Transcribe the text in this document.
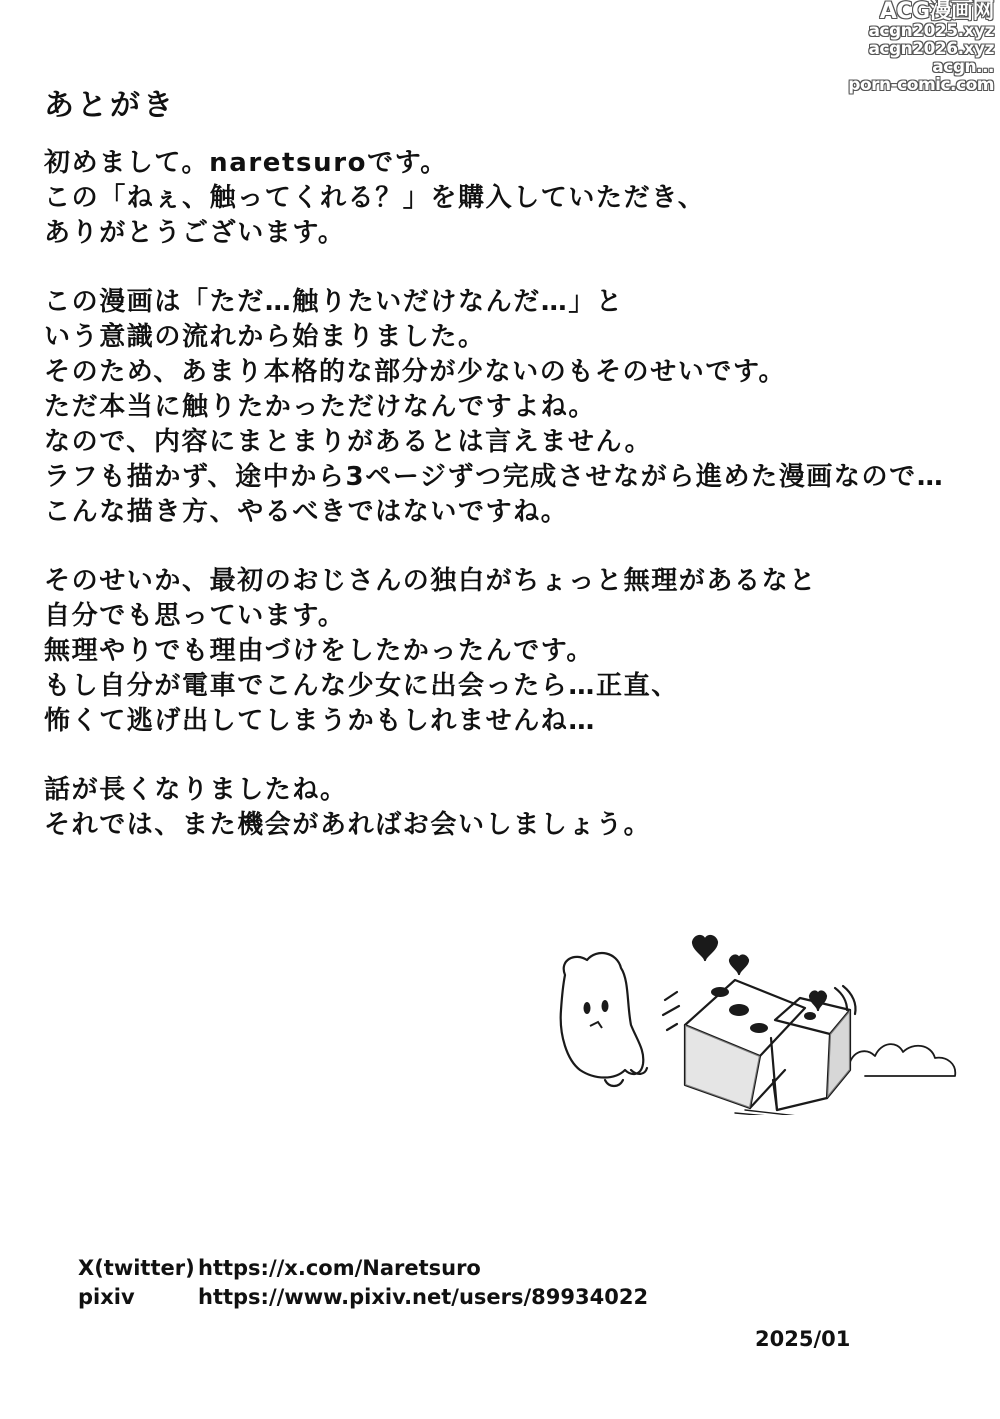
ACG漫画网
acgn2025.xyz
acgn2026.xyz
acgn...
porn-comic.com
あとがき
初めまして。naretsuroです。
この「ねぇ、触ってくれる？」を購入していただき、
ありがとうございます。
この漫画は「ただ…触りたいだけなんだ…」と
いう意識の流れから始まりました。
そのため、あまり本格的な部分が少ないのもそのせいです。
ただ本当に触りたかっただけなんですよね。
なので、内容にまとまりがあるとは言えません。
ラフも描かず、途中から3ページずつ完成させながら進めた漫画なので…
こんな描き方、やるべきではないですね。
そのせいか、最初のおじさんの独白がちょっと無理があるなと
自分でも思っています。
無理やりでも理由づけをしたかったんです。
もし自分が電車でこんな少女に出会ったら…正直、
怖くて逃げ出してしまうかもしれませんね…
話が長くなりましたね。
それでは、また機会があればお会いしましょう。
X(twitter) https://x.com/Naretsuro
pixiv	https://www.pixiv.net/users/89934022
2025/01
